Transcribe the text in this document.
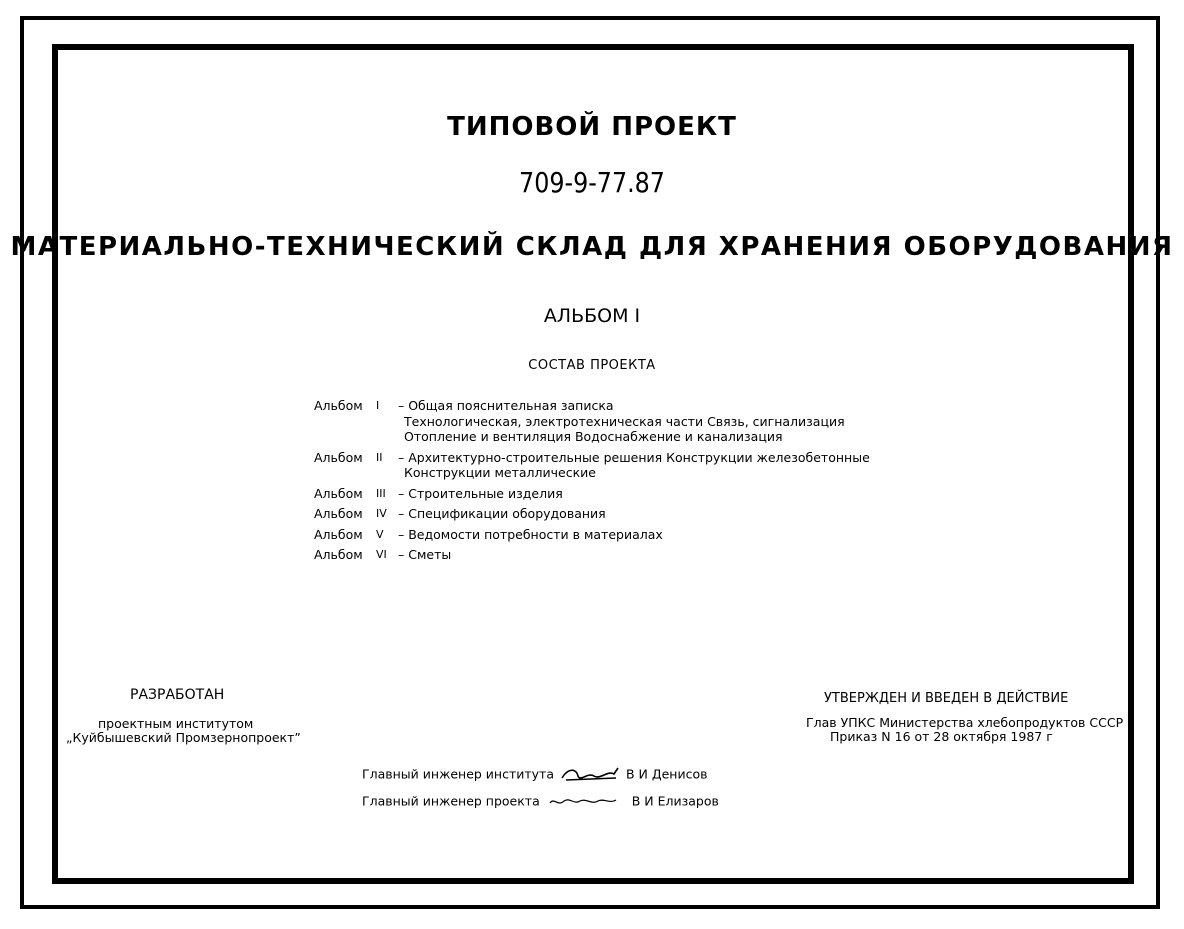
ТИПОВОЙ ПРОЕКТ
709-9-77.87
МАТЕРИАЛЬНО-ТЕХНИЧЕСКИЙ СКЛАД ДЛЯ ХРАНЕНИЯ ОБОРУДОВАНИЯ
АЛЬБОМ I
СОСТАВ ПРОЕКТА
Альбом	I	– Общая пояснительная записка
Технологическая, электротехническая части Связь, сигнализация
Отопление и вентиляция Водоснабжение и канализация
Альбом	II	– Архитектурно-строительные решения Конструкции железобетонные
Конструкции металлические
Альбом	III – Строительные изделия
Альбом	IV – Спецификации оборудования
Альбом	V	– Ведомости потребности в материалах
Альбом	VI – Сметы
РАЗРАБОТАН
проектным институтом
„Куйбышевский Промзернопроект”
УТВЕРЖДЕН И ВВЕДЕН В ДЕЙСТВИЕ
Глав УПКС Министерства хлебопродуктов СССР
Приказ N 16 от 28 октября 1987 г
Главный инженер института	В И Денисов
Главный инженер проекта	В И Елизаров
